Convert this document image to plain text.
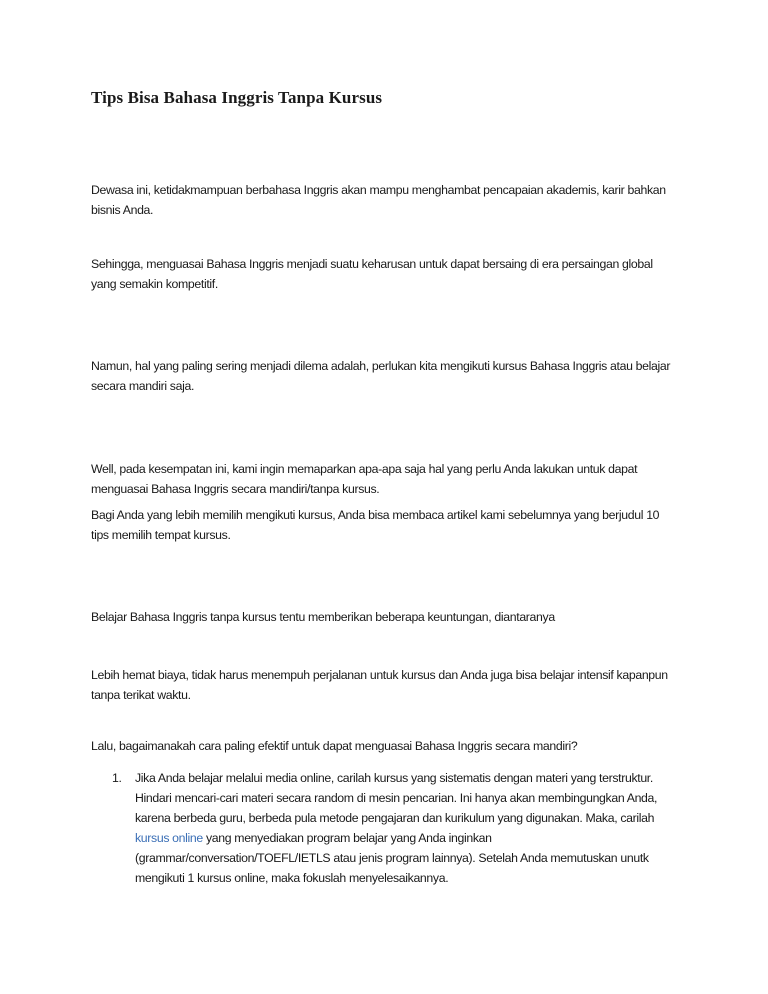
Tips Bisa Bahasa Inggris Tanpa Kursus

Dewasa ini, ketidakmampuan berbahasa Inggris akan mampu menghambat pencapaian akademis, karir bahkan bisnis Anda.

Sehingga, menguasai Bahasa Inggris menjadi suatu keharusan untuk dapat bersaing di era persaingan global yang semakin kompetitif.

Namun, hal yang paling sering menjadi dilema adalah, perlukan kita mengikuti kursus Bahasa Inggris atau belajar secara mandiri saja.

Well, pada kesempatan ini, kami ingin memaparkan apa-apa saja hal yang perlu Anda lakukan untuk dapat menguasai Bahasa Inggris secara mandiri/tanpa kursus.

Bagi Anda yang lebih memilih mengikuti kursus, Anda bisa membaca artikel kami sebelumnya yang berjudul 10 tips memilih tempat kursus.

Belajar Bahasa Inggris tanpa kursus tentu memberikan beberapa keuntungan, diantaranya

Lebih hemat biaya, tidak harus menempuh perjalanan untuk kursus dan Anda juga bisa belajar intensif kapanpun tanpa terikat waktu.

Lalu, bagaimanakah cara paling efektif untuk dapat menguasai Bahasa Inggris secara mandiri?

1. Jika Anda belajar melalui media online, carilah kursus yang sistematis dengan materi yang terstruktur. Hindari mencari-cari materi secara random di mesin pencarian. Ini hanya akan membingungkan Anda, karena berbeda guru, berbeda pula metode pengajaran dan kurikulum yang digunakan. Maka, carilah kursus online yang menyediakan program belajar yang Anda inginkan (grammar/conversation/TOEFL/IETLS atau jenis program lainnya). Setelah Anda memutuskan unutk mengikuti 1 kursus online, maka fokuslah menyelesaikannya.
